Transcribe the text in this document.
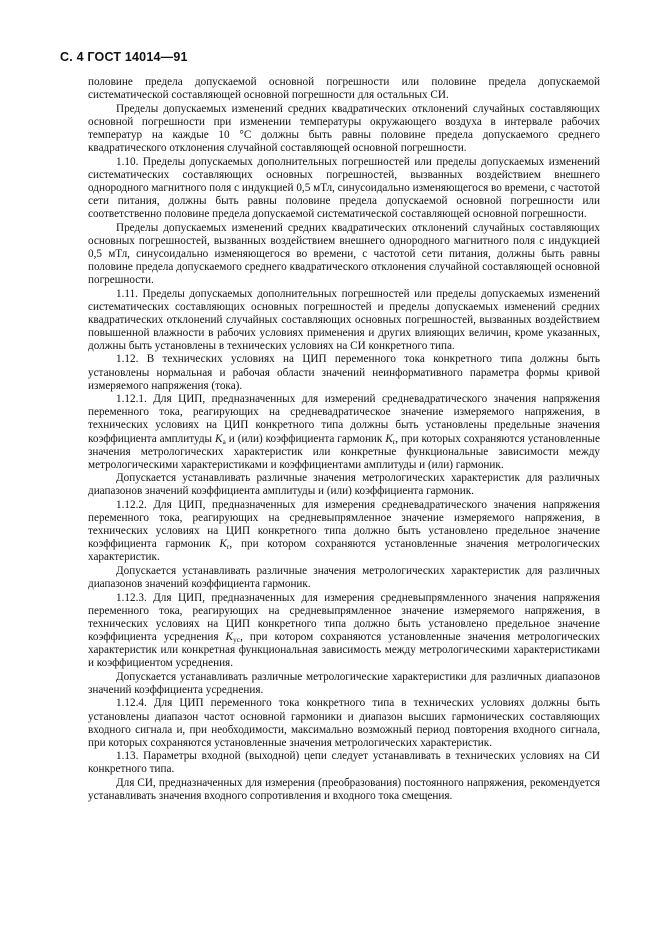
С. 4 ГОСТ 14014—91

половине предела допускаемой основной погрешности или половине предела допускаемой систематической составляющей основной погрешности для остальных СИ.

Пределы допускаемых изменений средних квадратических отклонений случайных составляющих основной погрешности при изменении температуры окружающего воздуха в интервале рабочих температур на каждые 10 °С должны быть равны половине предела допускаемого среднего квадратического отклонения случайной составляющей основной погрешности.

1.10. Пределы допускаемых дополнительных погрешностей или пределы допускаемых изменений систематических составляющих основных погрешностей, вызванных воздействием внешнего однородного магнитного поля с индукцией 0,5 мТл, синусоидально изменяющегося во времени, с частотой сети питания, должны быть равны половине предела допускаемой основной погрешности или соответственно половине предела допускаемой систематической составляющей основной погрешности.

Пределы допускаемых изменений средних квадратических отклонений случайных составляющих основных погрешностей, вызванных воздействием внешнего однородного магнитного поля с индукцией 0,5 мТл, синусоидально изменяющегося во времени, с частотой сети питания, должны быть равны половине предела допускаемого среднего квадратического отклонения случайной составляющей основной погрешности.

1.11. Пределы допускаемых дополнительных погрешностей или пределы допускаемых изменений систематических составляющих основных погрешностей и пределы допускаемых изменений средних квадратических отклонений случайных составляющих основных погрешностей, вызванных воздействием повышенной влажности в рабочих условиях применения и других влияющих величин, кроме указанных, должны быть установлены в технических условиях на СИ конкретного типа.

1.12. В технических условиях на ЦИП переменного тока конкретного типа должны быть установлены нормальная и рабочая области значений неинформативного параметра формы кривой измеряемого напряжения (тока).

1.12.1. Для ЦИП, предназначенных для измерений средневадратического значения напряжения переменного тока, реагирующих на средневадратическое значение измеряемого напряжения, в технических условиях на ЦИП конкретного типа должны быть установлены предельные значения коэффициента амплитуды $K_a$ и (или) коэффициента гармоник $K_r$, при которых сохраняются установленные значения метрологических характеристик или конкретные функциональные зависимости между метрологическими характеристиками и коэффициентами амплитуды и (или) гармоник.

Допускается устанавливать различные значения метрологических характеристик для различных диапазонов значений коэффициента амплитуды и (или) коэффициента гармоник.

1.12.2. Для ЦИП, предназначенных для измерения средневадратического значения напряжения переменного тока, реагирующих на средневыпрямленное значение измеряемого напряжения, в технических условиях на ЦИП конкретного типа должно быть установлено предельное значение коэффициента гармоник $K_r$, при котором сохраняются установленные значения метрологических характеристик.

Допускается устанавливать различные значения метрологических характеристик для различных диапазонов значений коэффициента гармоник.

1.12.3. Для ЦИП, предназначенных для измерения средневыпрямленного значения напряжения переменного тока, реагирующих на средневыпрямленное значение измеряемого напряжения, в технических условиях на ЦИП конкретного типа должно быть установлено предельное значение коэффициента усреднения $K_{ус}$, при котором сохраняются установленные значения метрологических характеристик или конкретная функциональная зависимость между метрологическими характеристиками и коэффициентом усреднения.

Допускается устанавливать различные метрологические характеристики для различных диапазонов значений коэффициента усреднения.

1.12.4. Для ЦИП переменного тока конкретного типа в технических условиях должны быть установлены диапазон частот основной гармоники и диапазон высших гармонических составляющих входного сигнала и, при необходимости, максимально возможный период повторения входного сигнала, при которых сохраняются установленные значения метрологических характеристик.

1.13. Параметры входной (выходной) цепи следует устанавливать в технических условиях на СИ конкретного типа.

Для СИ, предназначенных для измерения (преобразования) постоянного напряжения, рекомендуется устанавливать значения входного сопротивления и входного тока смещения.
